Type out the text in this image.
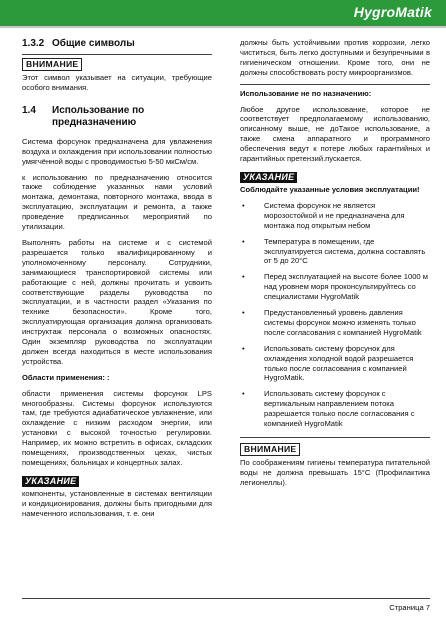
HygroMatik
1.3.2 Общие символы
ВНИМАНИЕ

Этот символ указывает на ситуации, требующие особого внимания.

1.4	Использование по предназначению

Система форсунок предназначена для увлажнения воздуха и охлаждения при использовании полностью умягчённой воды с проводимостью 5-50 мкСм/см.

к использованию по предназначению относится также соблюдение указанных нами условий монтажа, демонтажа, повторного монтажа, ввода в эксплуатацию, эксплуатации и ремонта, а также проведение предписанных мероприятий по утилизации.

Выполнять работы на системе и с системой разрешается только квалифицированному и уполномоченному персоналу. Сотрудники, занимающиеся транспортировкой системы или работающие с ней, должны прочитать и усвоить соответствующие разделы руководства по эксплуатации, и в частности раздел «Указания по технике безопасности». Кроме того, эксплуатирующая организация должна организовать инструктаж персонала о возможных опасностях. Один экземпляр руководства по эксплуатации должен всегда находиться в месте использования устройства.

Области применения: :

области применения системы форсунок LPS многообразны. Системы форсунок используются там, где требуются адиабатическое увлажнение, или охлаждение с низким расходом энергии, или установки с высокой точностью регулировки. Например, их можно встретить в офисах, складских помещениях, производственных цехах, чистых помещениях, больницах и концертных залах.

УКАЗАНИЕ

компоненты, установленные в системах вентиляции и кондиционирования, должны быть пригодными для намеченного использования, т. е. они

должны быть устойчивыми против коррозии, легко чиститься, быть легко доступными и безупречными в гигиеническом отношении. Кроме того, они не должны способствовать росту микроорганизмов.

Использование не по назначению:

Любое другое использование, которое не соответствует предполагаемому использованию, описанному выше, не доТакое использование, а также смена аппаратного и программного обеспечения ведут к потере любых гарантийных и гарантийных претензий.пускается.

УКАЗАНИЕ

Соблюдайте указанные условия эксплуатации!

•	Система форсунок не является морозостойкой и не предназначена для монтажа под открытым небом
•	Температура в помещении, где эксплуатируется система, должна составлять от 5 до 20°С
•	Перед эксплуатацией на высоте более 1000 м над уровнем моря проконсультируйтесь со специалистами HygroMatik
•	Предустановленный уровень давления системы форсунок можно изменять только после согласования с компанией HygroMatik
•	Использовать систему форсунок для охлаждения холодной водой разрешается только после согласования с компанией HygroMatik.
•	Использовать систему форсунок с вертикальным направлением потока разрешается только после согласования с компанией HygroMatik
ВНИМАНИЕ

По соображениям гигиены температура питательной воды не должна превышать 15°C (Профилактика легионеллы).

Страница 7
